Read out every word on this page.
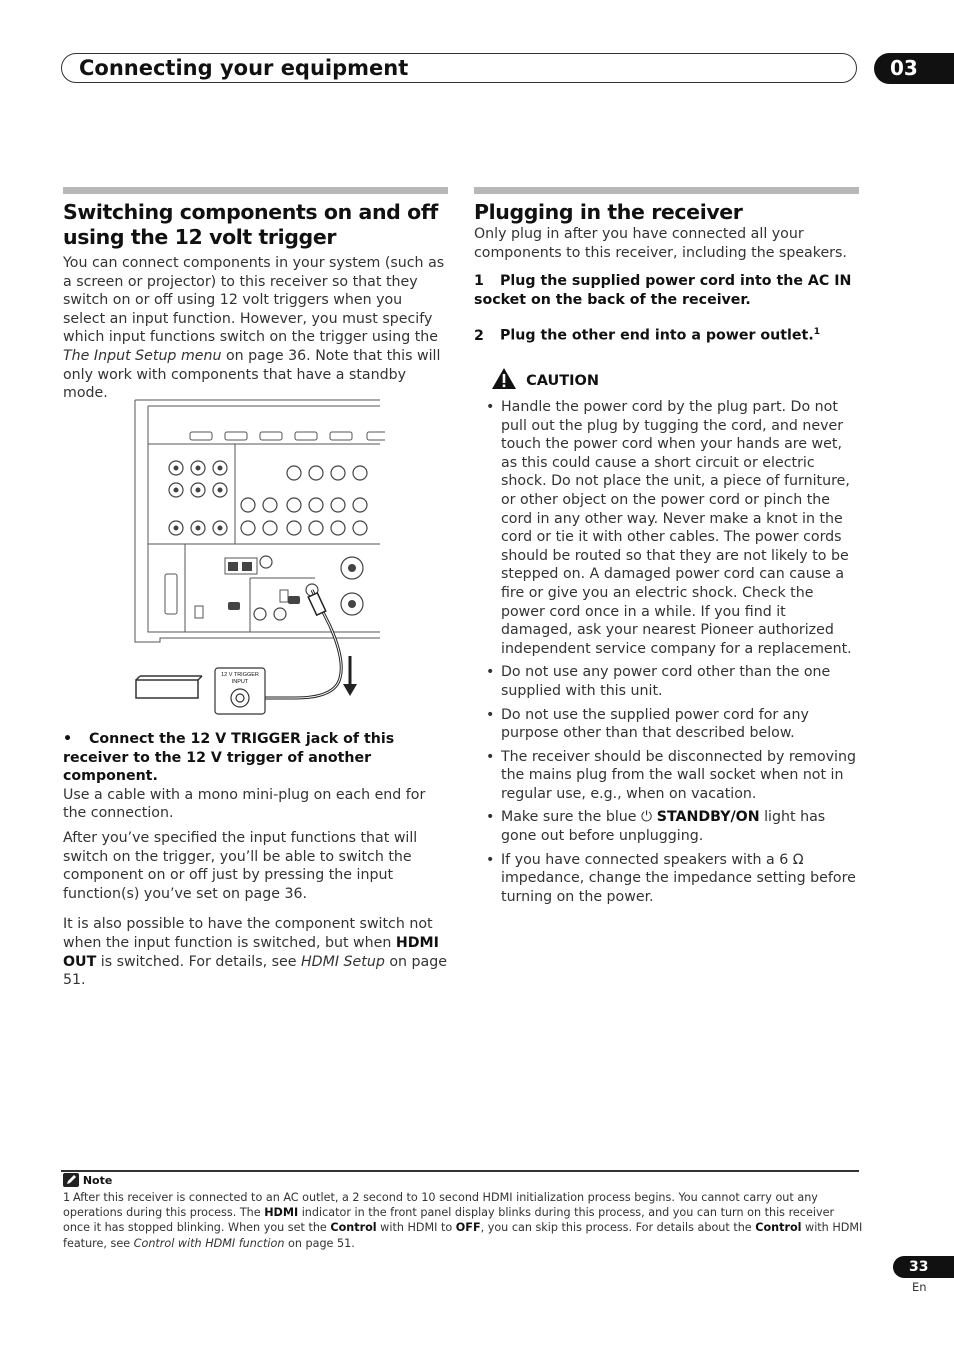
Connecting your equipment	03
Switching components on and off using the 12 volt trigger

You can connect components in your system (such as a screen or projector) to this receiver so that they switch on or off using 12 volt triggers when you select an input function. However, you must specify which input functions switch on the trigger using the The Input Setup menu on page 36. Note that this will only work with components that have a standby mode.

12 V TRIGGER
INPUT
• Connect the 12 V TRIGGER jack of this receiver to the 12 V trigger of another component.

Use a cable with a mono mini-plug on each end for the connection.

After you’ve specified the input functions that will switch on the trigger, you’ll be able to switch the component on or off just by pressing the input function(s) you’ve set on page 36.

It is also possible to have the component switch not when the input function is switched, but when HDMI OUT is switched. For details, see HDMI Setup on page 51.

Plugging in the receiver

Only plug in after you have connected all your components to this receiver, including the speakers.

1 Plug the supplied power cord into the AC IN socket on the back of the receiver.
2 Plug the other end into a power outlet.$^1$
CAUTION
• Handle the power cord by the plug part. Do not pull out the plug by tugging the cord, and never touch the power cord when your hands are wet, as this could cause a short circuit or electric shock. Do not place the unit, a piece of furniture, or other object on the power cord or pinch the cord in any other way. Never make a knot in the cord or tie it with other cables. The power cords should be routed so that they are not likely to be stepped on. A damaged power cord can cause a fire or give you an electric shock. Check the power cord once in a while. If you find it damaged, ask your nearest Pioneer authorized independent service company for a replacement.
• Do not use any power cord other than the one supplied with this unit.
• Do not use the supplied power cord for any purpose other than that described below.
• The receiver should be disconnected by removing the mains plug from the wall socket when not in regular use, e.g., when on vacation.
• Make sure the blue ⏻ STANDBY/ON light has gone out before unplugging.
• If you have connected speakers with a 6 Ω impedance, change the impedance setting before turning on the power.
Note
1 After this receiver is connected to an AC outlet, a 2 second to 10 second HDMI initialization process begins. You cannot carry out any operations during this process. The HDMI indicator in the front panel display blinks during this process, and you can turn on this receiver once it has stopped blinking. When you set the Control with HDMI to OFF, you can skip this process. For details about the Control with HDMI feature, see Control with HDMI function on page 51.
33
En
